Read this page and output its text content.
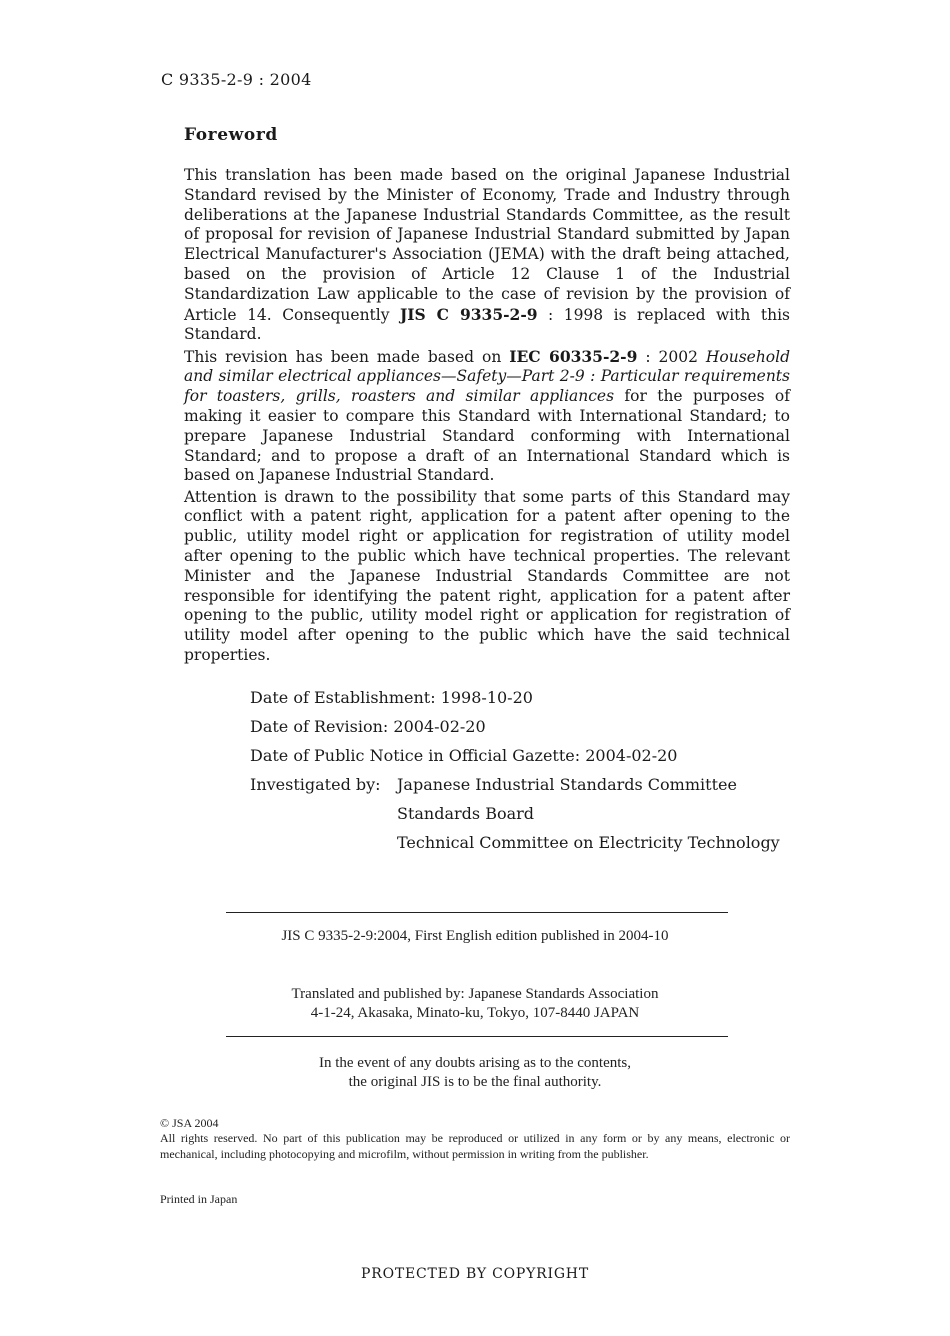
C 9335-2-9 : 2004
Foreword

This translation has been made based on the original Japanese Industrial Standard revised by the Minister of Economy, Trade and Industry through deliberations at the Japanese Industrial Standards Committee, as the result of proposal for revision of Japanese Industrial Standard submitted by Japan Electrical Manufacturer's Association (JEMA) with the draft being attached, based on the provision of Article 12 Clause 1 of the Industrial Standardization Law applicable to the case of revision by the provision of Article 14. Consequently JIS C 9335-2-9 : 1998 is replaced with this Standard.

This revision has been made based on IEC 60335-2-9 : 2002 Household and similar electrical appliances—Safety—Part 2-9 : Particular requirements for toasters, grills, roasters and similar appliances for the purposes of making it easier to compare this Standard with International Standard; to prepare Japanese Industrial Standard conforming with International Standard; and to propose a draft of an International Standard which is based on Japanese Industrial Standard.

Attention is drawn to the possibility that some parts of this Standard may conflict with a patent right, application for a patent after opening to the public, utility model right or application for registration of utility model after opening to the public which have technical properties. The relevant Minister and the Japanese Industrial Standards Committee are not responsible for identifying the patent right, application for a patent after opening to the public, utility model right or application for registration of utility model after opening to the public which have the said technical properties.

Date of Establishment: 1998-10-20
Date of Revision: 2004-02-20
Date of Public Notice in Official Gazette: 2004-02-20
Investigated by:	Japanese Industrial Standards Committee
Standards Board
Technical Committee on Electricity Technology
JIS C 9335-2-9:2004, First English edition published in 2004-10
Translated and published by: Japanese Standards Association
4-1-24, Akasaka, Minato-ku, Tokyo, 107-8440 JAPAN
In the event of any doubts arising as to the contents,
the original JIS is to be the final authority.
© JSA 2004
All rights reserved. No part of this publication may be reproduced or utilized in any form or by any means, electronic or mechanical, including photocopying and microfilm, without permission in writing from the publisher.
Printed in Japan
PROTECTED BY COPYRIGHT
